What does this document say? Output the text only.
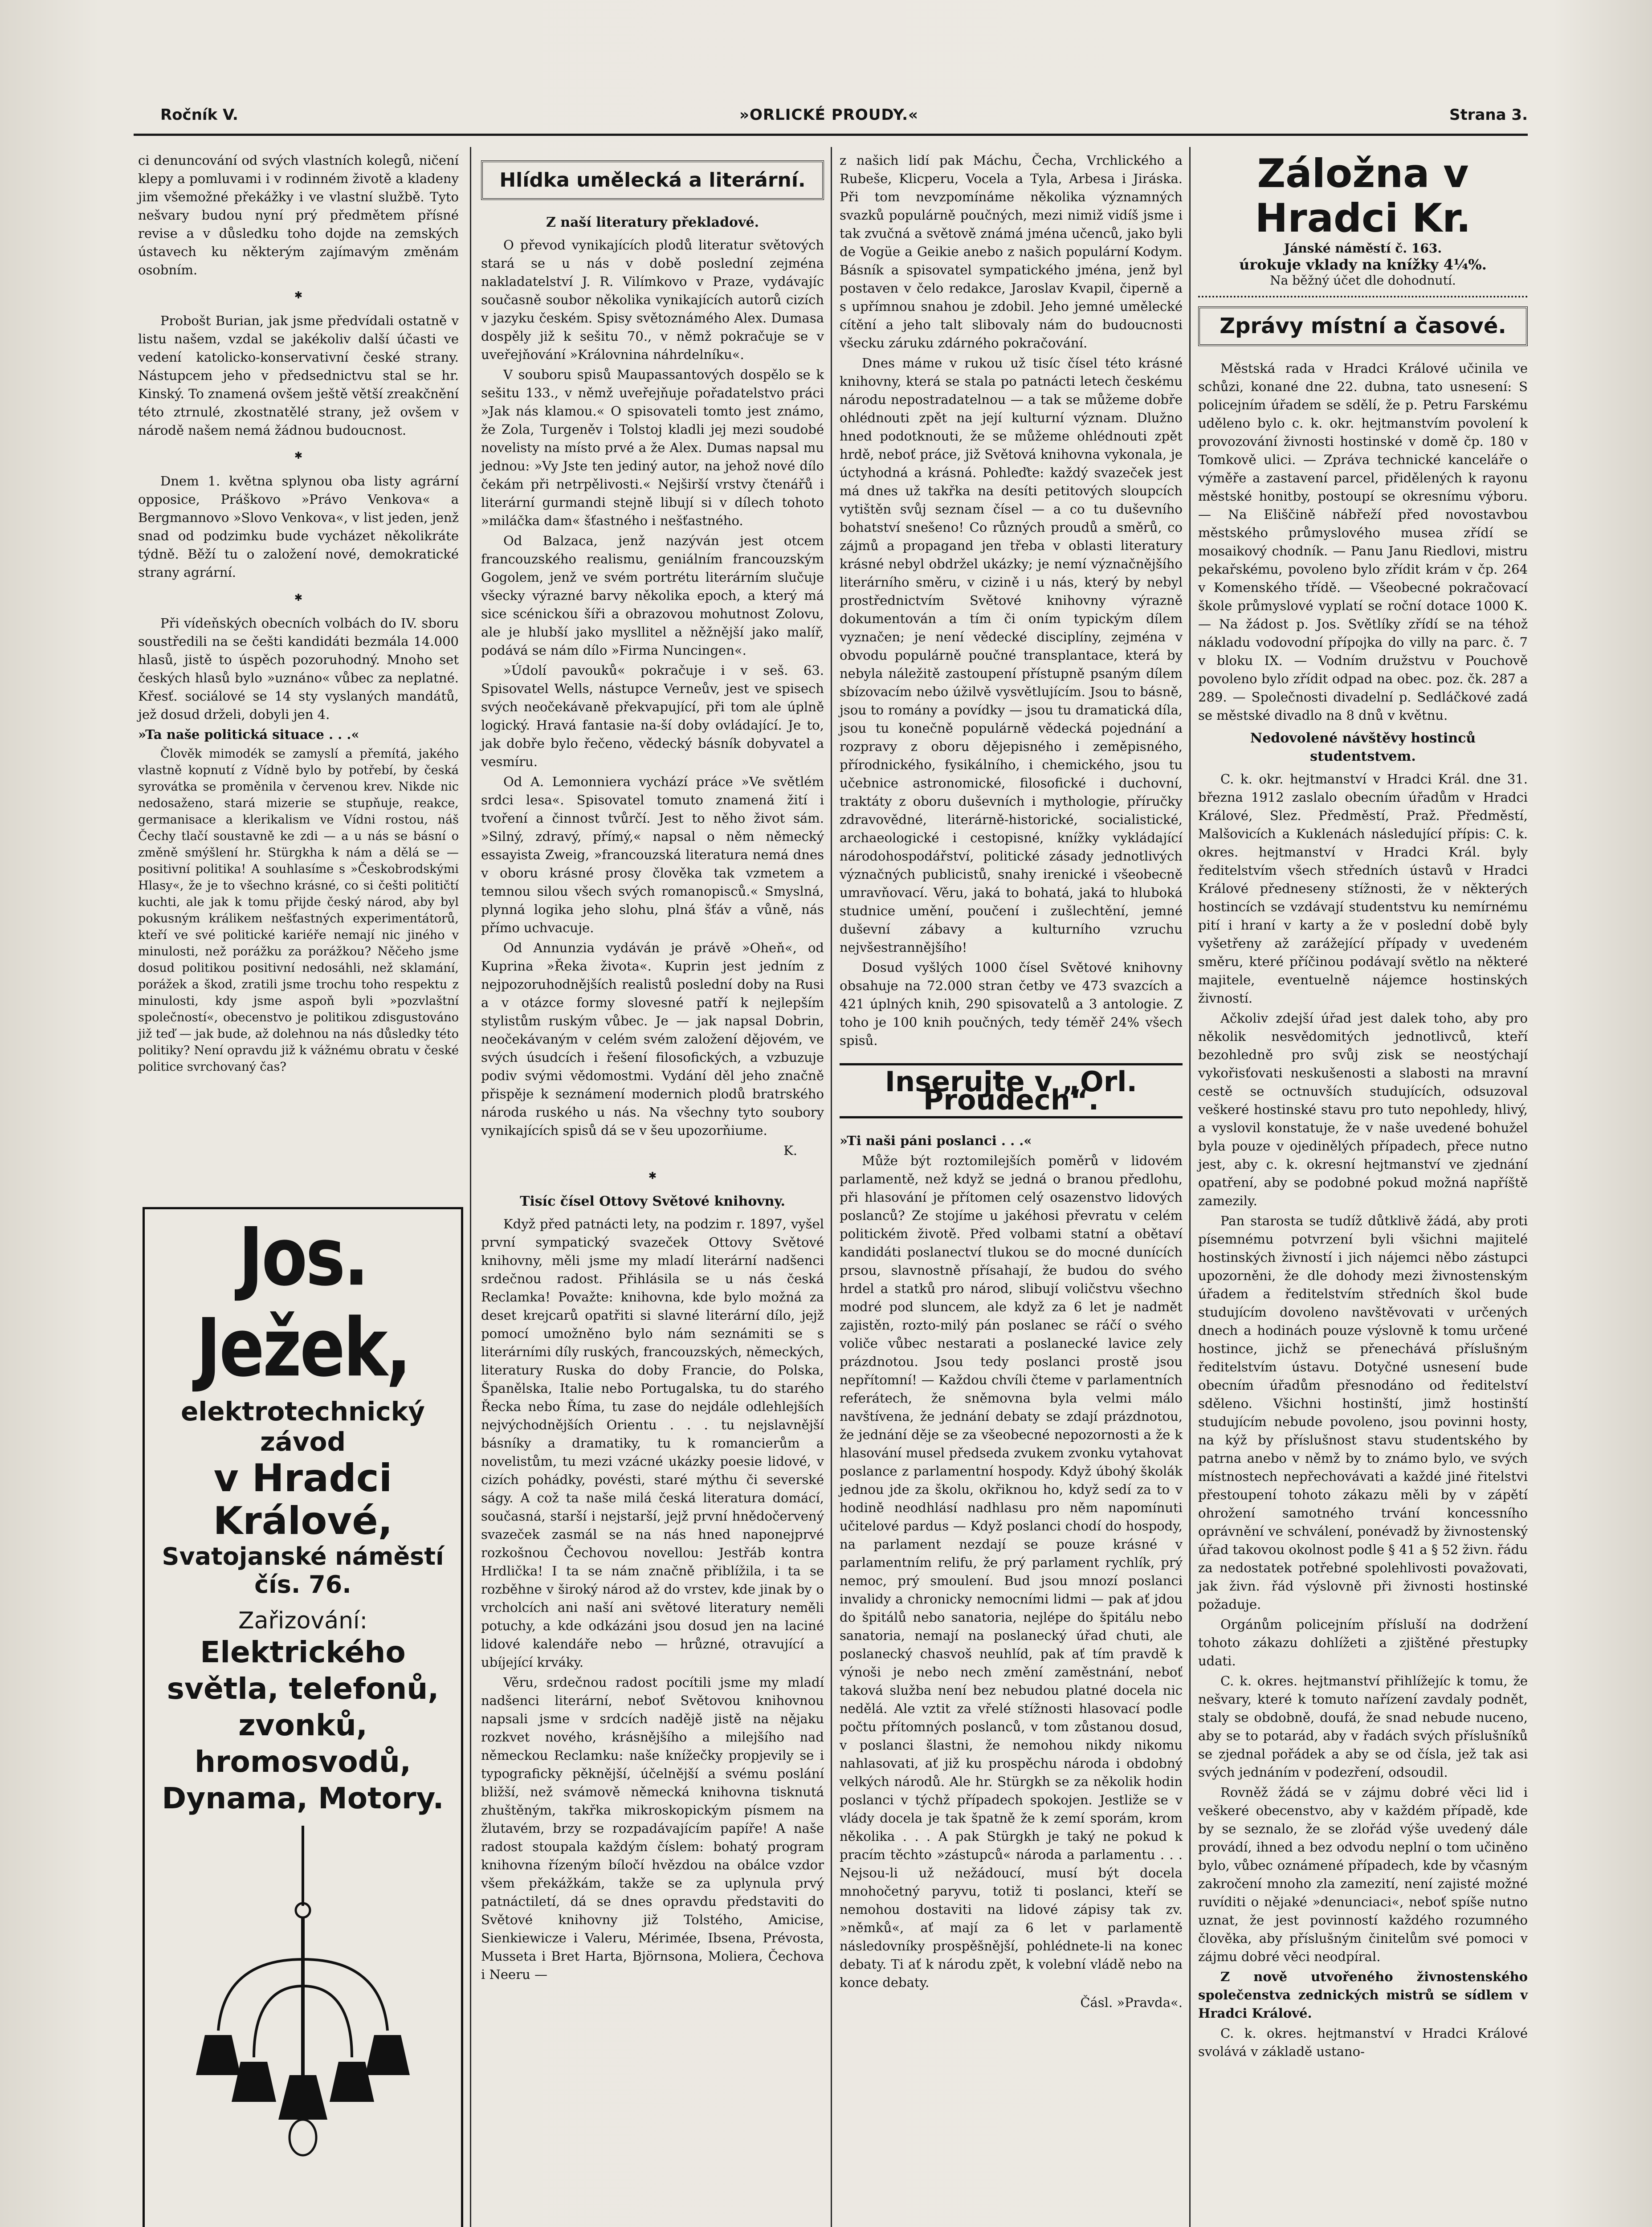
Ročník V.	»ORLICKÉ PROUDY.«	Strana 3.

ci denuncování od svých vlastních kolegů, ničení klepy a pomluvami i v rodinném životě a kladeny jim všemožné překážky i ve vlastní službě. Tyto nešvary budou nyní prý předmětem přísné revise a v důsledku toho dojde na zemských ústavech ku některým zajímavým změnám osobním.

✱

Probošt Burian, jak jsme předvídali ostatně v listu našem, vzdal se jakékoliv další účasti ve vedení katolicko-konservativní české strany. Nástupcem jeho v předsednictvu stal se hr. Kinský. To znamená ovšem ještě větší zreakčnění této ztrnulé, zkostnatělé strany, jež ovšem v národě našem nemá žádnou budoucnost.

✱

Dnem 1. května splynou oba listy agrární opposice, Práškovo »Právo Venkova« a Bergmannovo »Slovo Venkova«, v list jeden, jenž snad od podzimku bude vycházet několikráte týdně. Běží tu o založení nové, demokratické strany agrární.

✱

Při vídeňských obecních volbách do IV. sboru soustředili na se češti kandidáti bezmála 14.000 hlasů, jistě to úspěch pozoruhodný. Mnoho set českých hlasů bylo »uznáno« vůbec za neplatné. Křesť. sociálové se 14 sty vyslaných mandátů, jež dosud drželi, dobyli jen 4.

»Ta naše politická situace . . .«

Člověk mimodék se zamyslí a přemítá, jakého vlastně kopnutí z Vídně bylo by potřebí, by česká syrovátka se proměnila v červenou krev. Nikde nic nedosaženo, stará mizerie se stupňuje, reakce, germanisace a klerikalism ve Vídni rostou, náš Čechy tlačí soustavně ke zdi — a u nás se básní o změně smýšlení hr. Stürgkha k nám a dělá se — positivní politika! A souhlasíme s »Českobrodskými Hlasy«, že je to všechno krásné, co si češti političtí kuchti, ale jak k tomu přijde český národ, aby byl pokusným králikem nešťastných experimentátorů, kteří ve své politické kariéře nemají nic jiného v minulosti, než porážku za porážkou? Něčeho jsme dosud politikou positivní nedosáhli, než sklamání, porážek a škod, zratili jsme trochu toho respektu z minulosti, kdy jsme aspoň byli »pozvlaštní společností«, obecenstvo je politikou zdisgustováno již teď — jak bude, až dolehnou na nás důsledky této politiky? Není opravdu již k vážnému obratu v české politice svrchovaný čas?

Jos. Ježek,
elektrotechnický závod
v Hradci Králové,
Svatojanské náměstí čís. 76.
Zařizování:
Elektrického světla, telefonů, zvonků, hromosvodů, Dynama, Motory.
Hlídka umělecká a literární.
Z naší literatury překladové.

O převod vynikajících plodů literatur světových stará se u nás v době poslední zejména nakladatelství J. R. Vilímkovo v Praze, vydávajíc současně soubor několika vynikajících autorů cizích v jazyku českém. Spisy světoznámého Alex. Dumasa dospěly již k sešitu 70., v němž pokračuje se v uveřejňování »Královnina náhrdelníku«.

V souboru spisů Maupassantových dospělo se k sešitu 133., v němž uveřejňuje pořadatelstvo práci »Jak nás klamou.« O spisovateli tomto jest známo, že Zola, Turgeněv i Tolstoj kladli jej mezi soudobé novelisty na místo prvé a že Alex. Dumas napsal mu jednou: »Vy Jste ten jediný autor, na jehož nové dílo čekám při netrpělivosti.« Nejširší vrstvy čtenářů i literární gurmandi stejně libují si v dílech tohoto »miláčka dam« šťastného i nešťastného.

Od Balzaca, jenž nazýván jest otcem francouzského realismu, geniálním francouzským Gogolem, jenž ve svém portrétu literárním slučuje všecky výrazné barvy několika epoch, a který má sice scénickou šíři a obrazovou mohutnost Zolovu, ale je hlubší jako mysllitel a něžnější jako malíř, podává se nám dílo »Firma Nuncingen«.

»Údolí pavouků« pokračuje i v seš. 63. Spisovatel Wells, nástupce Verneův, jest ve spisech svých neočekávaně překvapující, při tom ale úplně logický. Hravá fantasie na-ší doby ovládající. Je to, jak dobře bylo řečeno, vědecký básník dobyvatel a vesmíru.

Od A. Lemonniera vychází práce »Ve světlém srdci lesa«. Spisovatel tomuto znamená žití i tvoření a činnost tvůrčí. Jest to něho život sám. »Silný, zdravý, přímý,« napsal o něm německý essayista Zweig, »francouzská literatura nemá dnes v oboru krásné prosy člověka tak vzmetem a temnou silou všech svých romanopisců.« Smyslná, plynná logika jeho slohu, plná šťáv a vůně, nás přímo uchvacuje.

Od Annunzia vydáván je právě »Oheň«, od Kuprina »Řeka života«. Kuprin jest jedním z nejpozoruhodnějších realistů poslední doby na Rusi a v otázce formy slovesné patří k nejlepším stylistům ruským vůbec. Je — jak napsal Dobrin, neočekávaným v celém svém založení dějovém, ve svých úsudcích i řešení filosofických, a vzbuzuje podiv svými vědomostmi. Vydání děl jeho značně přispěje k seznámení modernich plodů bratrského národa ruského u nás. Na všechny tyto soubory vynikajících spisů dá se v šeu upozorňiume.

K.

✱
Tisíc čísel Ottovy Světové knihovny.

Když před patnácti lety, na podzim r. 1897, vyšel první sympatický svazeček Ottovy Světové knihovny, měli jsme my mladí literární nadšenci srdečnou radost. Přihlásila se u nás česká Reclamka! Považte: knihovna, kde bylo možná za deset krejcarů opatřiti si slavné literární dílo, jejž pomocí umožněno bylo nám seznámiti se s literárními díly ruských, francouzských, německých, literatury Ruska do doby Francie, do Polska, Španělska, Italie nebo Portugalska, tu do starého Řecka nebo Říma, tu zase do nejdále odlehlejších nejvýchodnějších Orientu . . . tu nejslavnější básníky a dramatiky, tu k romancierům a novelistům, tu mezi vzácné ukázky poesie lidové, v cizích pohádky, povésti, staré mýthu či severské ságy. A což ta naše milá česká literatura domácí, současná, starší i nejstarší, jejž první hnědočervený svazeček zasmál se na nás hned naponejprvé rozkošnou Čechovou novellou: Jestřáb kontra Hrdlička! I ta se nám značně přiblížila, i ta se rozběhne v široký národ až do vrstev, kde jinak by o vrcholcích ani naší ani světové literatury neměli potuchy, a kde odkázáni jsou dosud jen na laciné lidové kalendáře nebo — hrůzné, otravující a ubíjející krváky.

Věru, srdečnou radost pocítili jsme my mladí nadšenci literární, neboť Světovou knihovnou napsali jsme v srdcích nadějě jistě na nějaku rozkvet nového, krásnějšího a milejšího nad německou Reclamku: naše knížečky propjevily se i typograficky pěknější, účelnější a svému poslání bližší, než svámově německá knihovna tisknutá zhuštěným, takřka mikroskopickým písmem na žlutavém, brzy se rozpadávajícím papíře! A naše radost stoupala každým číslem: bohatý program knihovna řízeným bíločí hvězdou na obálce vzdor všem překážkám, takže se za uplynula prvý patnáctiletí, dá se dnes opravdu představiti do Světové knihovny již Tolstého, Amicise, Sienkiewicze i Valeru, Mérimée, Ibsena, Prévosta, Musseta i Bret Harta, Björnsona, Moliera, Čechova i Neeru —

z našich lidí pak Máchu, Čecha, Vrchlického a Rubeše, Klicperu, Vocela a Tyla, Arbesa i Jiráska. Při tom nevzpomínáme několika významných svazků populárně poučných, mezi nimiž vidíš jsme i tak zvučná a světově známá jména učenců, jako byli de Vogüe a Geikie anebo z našich populární Kodym. Básník a spisovatel sympatického jména, jenž byl postaven v čelo redakce, Jaroslav Kvapil, čiperně a s upřímnou snahou je zdobil. Jeho jemné umělecké cítění a jeho talt slibovaly nám do budoucnosti všecku záruku zdárného pokračování.

Dnes máme v rukou už tisíc čísel této krásné knihovny, která se stala po patnácti letech českému národu nepostradatelnou — a tak se můžeme dobře ohlédnouti zpět na její kulturní význam. Dlužno hned podotknouti, že se můžeme ohlédnouti zpět hrdě, neboť práce, již Světová knihovna vykonala, je úctyhodná a krásná. Pohleďte: každý svazeček jest má dnes už takřka na desíti petitových sloupcích vytištěn svůj seznam čísel — a co tu duševního bohatství snešeno! Co různých proudů a směrů, co zájmů a propagand jen třeba v oblasti literatury krásné nebyl obdržel ukázky; je nemí význačnějšího literárního směru, v cizině i u nás, který by nebyl prostřednictvím Světové knihovny výrazně dokumentován a tím či oním typickým dílem vyznačen; je není vědecké disciplíny, zejména v obvodu populárně poučné transplantace, která by nebyla náležitě zastoupení přístupně psaným dílem sbízovacím nebo úžilvě vysvětlujícím. Jsou to básně, jsou to romány a povídky — jsou tu dramatická díla, jsou tu konečně populárně vědecká pojednání a rozpravy z oboru dějepisného i zeměpisného, přírodnického, fysikálního, i chemického, jsou tu učebnice astronomické, filosofické i duchovní, traktáty z oboru duševních i mythologie, příručky zdravovědné, literárně-historické, socialistické, archaeologické i cestopisné, knížky vykládající národohospodářství, politické zásady jednotlivých význačných publicistů, snahy irenické i všeobecně umravňovací. Věru, jaká to bohatá, jaká to hluboká studnice umění, poučení i zušlechtění, jemné duševní zábavy a kulturního vzruchu nejvšestrannějšího!

Dosud vyšlých 1000 čísel Světové knihovny obsahuje na 72.000 stran četby ve 473 svazcích a 421 úplných knih, 290 spisovatelů a 3 antologie. Z toho je 100 knih poučných, tedy téměř 24% všech spisů.

Inserujte v „Orl. Proudech“.

»Ti naši páni poslanci . . .«

Může být roztomilejších poměrů v lidovém parlamentě, než když se jedná o branou předlohu, při hlasování je přítomen celý osazenstvo lidových poslanců? Ze stojíme u jakéhosi převratu v celém politickém životě. Před volbami statní a obětaví kandidáti poslanectví tlukou se do mocné dunících prsou, slavnostně přísahají, že budou do svého hrdel a statků pro národ, slibují voličstvu všechno modré pod sluncem, ale když za 6 let je nadmět zajistěn, rozto-milý pán poslanec se ráčí o svého voliče vůbec nestarati a poslanecké lavice zely prázdnotou. Jsou tedy poslanci prostě jsou nepřítomní! — Každou chvíli čteme v parlamentních referátech, že sněmovna byla velmi málo navštívena, že jednání debaty se zdají prázdnotou, že jednání děje se za všeobecné nepozornosti a že k hlasování musel předseda zvukem zvonku vytahovat poslance z parlamentní hospody. Když úbohý školák jednou jde za školu, okřiknou ho, když sedí za to v hodině neodhlásí nadhlasu pro něm napomínuti učitelové pardus — Když poslanci chodí do hospody, na parlament nezdají se pouze krásné v parlamentním relifu, že prý parlament rychlík, prý nemoc, prý smoulení. Bud jsou mnozí poslanci invalidy a chronicky nemocními lidmi — pak ať jdou do špitálů nebo sanatoria, nejlépe do špitálu nebo sanatoria, nemají na poslanecký úřad chuti, ale poslanecký chasvoš neuhlíd, pak ať tím pravdě k výnoši je nebo nech změní zaměstnání, neboť taková služba není bez nebudou platné docela nic nedělá. Ale vztit za vřelé stížnosti hlasovací podle počtu přítomných poslanců, v tom zůstanou dosud, v poslanci šlastni, že nemohou nikdy nikomu nahlasovati, ať již ku prospěchu národa i obdobný velkých národů. Ale hr. Stürgkh se za několik hodin poslanci v týchž případech spokojen. Jestliže se v vlády docela je tak špatně že k zemí sporám, krom několika . . . A pak Stürgkh je taký ne pokud k pracím těchto »zástupců« národa a parlamentu . . . Nejsou-li už nežádoucí, musí být docela mnohočetný paryvu, totiž ti poslanci, kteří se nemohou dostaviti na lidové zápisy tak zv. »němků«, ať mají za 6 let v parlamentě následovníky prospěšnější, pohlédnete-li na konec debaty. Ti ať k národu zpět, k volební vládě nebo na konce debaty.

Čásl. »Pravda«.

Záložna v Hradci Kr.
Jánské náměstí č. 163.
úrokuje vklady na knížky 4¼%.
Na běžný účet dle dohodnutí.
Zprávy místní a časové.

Městská rada v Hradci Králové učinila ve schůzi, konané dne 22. dubna, tato usnesení: S policejním úřadem se sdělí, že p. Petru Farskému uděleno bylo c. k. okr. hejtmanstvím povolení k provozování živnosti hostinské v domě čp. 180 v Tomkově ulici. — Zpráva technické kanceláře o výměře a zastavení parcel, přidělených k rayonu městské honitby, postoupí se okresnímu výboru. — Na Eliščině nábřeží před novostavbou městského průmyslového musea zřídí se mosaikový chodník. — Panu Janu Riedlovi, mistru pekařskému, povoleno bylo zřídit krám v čp. 264 v Komenského třídě. — Všeobecné pokračovací škole průmyslové vyplatí se roční dotace 1000 K. — Na žádost p. Jos. Světlíky zřídí se na téhož nákladu vodovodní přípojka do villy na parc. č. 7 v bloku IX. — Vodním družstvu v Pouchově povoleno bylo zřídit odpad na obec. poz. čk. 287 a 289. — Společnosti divadelní p. Sedláčkové zadá se městské divadlo na 8 dnů v květnu.

Nedovolené návštěvy hostinců studentstvem.

C. k. okr. hejtmanství v Hradci Král. dne 31. března 1912 zaslalo obecním úřadům v Hradci Králové, Slez. Předměstí, Praž. Předměstí, Malšovicích a Kuklenách následující přípis: C. k. okres. hejtmanství v Hradci Král. byly ředitelstvím všech středních ústavů v Hradci Králové předneseny stížnosti, že v některých hostincích se vzdávají studentstvu ku nemírnému pití i hraní v karty a že v poslední době byly vyšetřeny až zarážející případy v uvedeném směru, které příčinou podávají světlo na některé majitele, eventuelně nájemce hostinských živností.

Ačkoliv zdejší úřad jest dalek toho, aby pro několik nesvědomitých jednotlivců, kteří bezohledně pro svůj zisk se neostýchají vykořisťovati neskušenosti a slabosti na mravní cestě se octnuvších studujících, odsuzoval veškeré hostinské stavu pro tuto nepohledy, hlivý, a vyslovil konstatuje, že v naše uvedené bohužel byla pouze v ojedinělých případech, přece nutno jest, aby c. k. okresní hejtmanství ve zjednání opatření, aby se podobné pokud možná napříště zamezily.

Pan starosta se tudíž důtklivě žádá, aby proti písemnému potvrzení byli všichni majitelé hostinských živností i jich nájemci něbo zástupci upozorněni, že dle dohody mezi živnostenským úřadem a ředitelstvím středních škol bude studujícím dovoleno navštěvovati v určených dnech a hodinách pouze výslovně k tomu určené hostince, jichž se přenechává příslušným ředitelstvím ústavu. Dotyčné usnesení bude obecním úřadům přesnodáno od ředitelství sděleno. Všichni hostinští, jimž hostinští studujícím nebude povoleno, jsou povinni hosty, na kýž by příslušnost stavu studentského by patrna anebo v němž by to známo bylo, ve svých místnostech nepřechovávati a každé jiné řitelstvi přestoupení tohoto zákazu měli by v zápětí ohrožení samotného trvání koncessního oprávnění ve schválení, ponévadž by živnostenský úřad takovou okolnost podle § 41 a § 52 živn. řádu za nedostatek potřebné spolehlivosti považovati, jak živn. řád výslovně při živnosti hostinské požaduje.

Orgánům policejním přísluší na dodržení tohoto zákazu dohlížeti a zjištěné přestupky udati.

C. k. okres. hejtmanství přihlížejíc k tomu, že nešvary, které k tomuto nařízení zavdaly podnět, staly se obdobně, doufá, že snad nebude nuceno, aby se to potarád, aby v řadách svých příslušníků se zjednal pořádek a aby se od čísla, jež tak asi svých jednáním v podezření, odsoudil.

Rovněž žádá se v zájmu dobré věci lid i veškeré obecenstvo, aby v každém případě, kde by se seznalo, že se zlořád výše uvedený dále provádí, ihned a bez odvodu neplní o tom učiněno bylo, vůbec oznámené případech, kde by včasným zakročení mnoho zla zamezití, není zajisté možné ruvíditi o nějaké »denunciaci«, neboť spíše nutno uznat, že jest povinností každého rozumného člověka, aby příslušným činitelům své pomoci v zájmu dobré věci neodpíral.

Z nově utvořeného živnostenského společenstva zednických mistrů se sídlem v Hradci Králové.

C. k. okres. hejtmanství v Hradci Králové svolává v základě ustano-
